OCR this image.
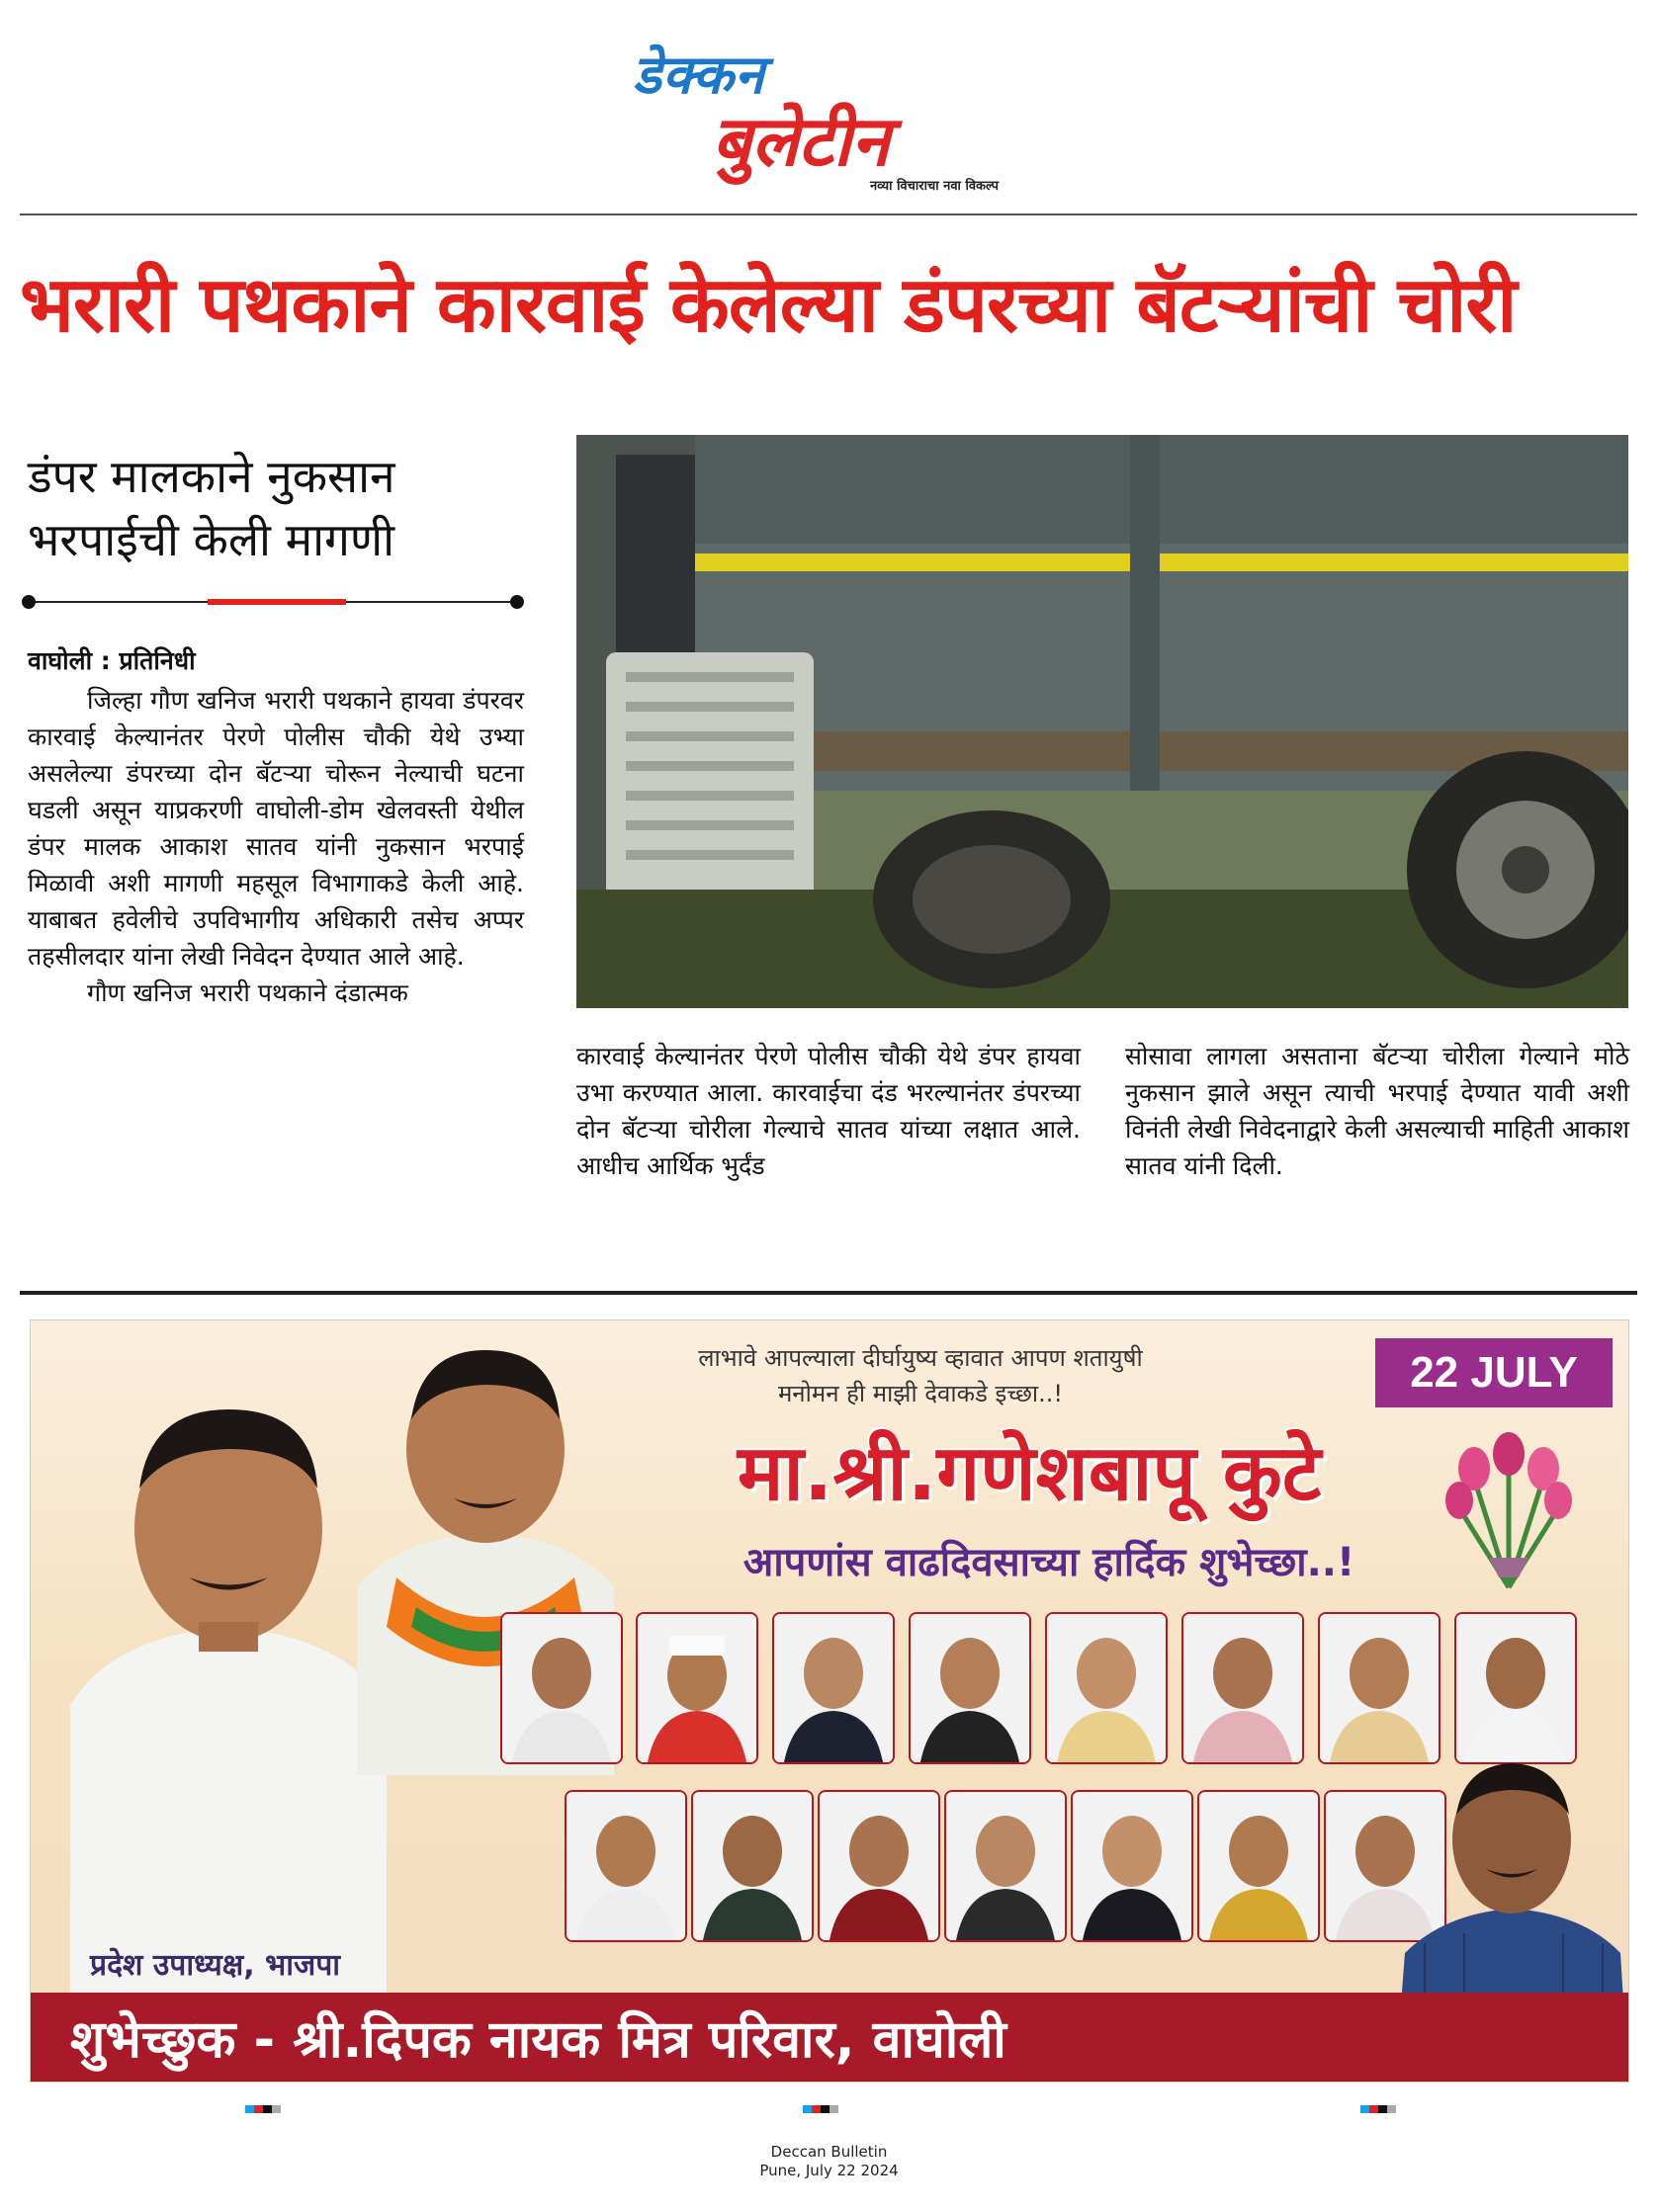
डेक्कन
बुलेटीन
नव्या विचाराचा नवा विकल्प
भरारी पथकाने कारवाई केलेल्या डंपरच्या बॅटऱ्यांची चोरी
डंपर मालकाने नुकसान
भरपाईची केली मागणी
वाघोली : प्रतिनिधी

जिल्हा गौण खनिज भरारी पथकाने हायवा डंपरवर कारवाई केल्यानंतर पेरणे पोलीस चौकी येथे उभ्या असलेल्या डंपरच्या दोन बॅटऱ्या चोरून नेल्याची घटना घडली असून याप्रकरणी वाघोली-डोम खेलवस्ती येथील डंपर मालक आकाश सातव यांनी नुकसान भरपाई मिळावी अशी मागणी महसूल विभागाकडे केली आहे. याबाबत हवेलीचे उपविभागीय अधिकारी तसेच अप्पर तहसीलदार यांना लेखी निवेदन देण्यात आले आहे.

गौण खनिज भरारी पथकाने दंडात्मक

कारवाई केल्यानंतर पेरणे पोलीस चौकी येथे डंपर हायवा उभा करण्यात आला. कारवाईचा दंड भरल्यानंतर डंपरच्या दोन बॅटऱ्या चोरीला गेल्याचे सातव यांच्या लक्षात आले. आधीच आर्थिक भुर्दंड

सोसावा लागला असताना बॅटऱ्या चोरीला गेल्याने मोठे नुकसान झाले असून त्याची भरपाई देण्यात यावी अशी विनंती लेखी निवेदनाद्वारे केली असल्याची माहिती आकाश सातव यांनी दिली.

लाभावे आपल्याला दीर्घायुष्य व्हावात आपण शतायुषी
मनोमन ही माझी देवाकडे इच्छा..!	22 JULY
मा.श्री.गणेशबापू कुटे
आपणांस वाढदिवसाच्या हार्दिक शुभेच्छा..!
प्रदेश उपाध्यक्ष, भाजपा
शुभेच्छुक - श्री.दिपक नायक मित्र परिवार, वाघोली
Deccan Bulletin
Pune, July 22 2024
